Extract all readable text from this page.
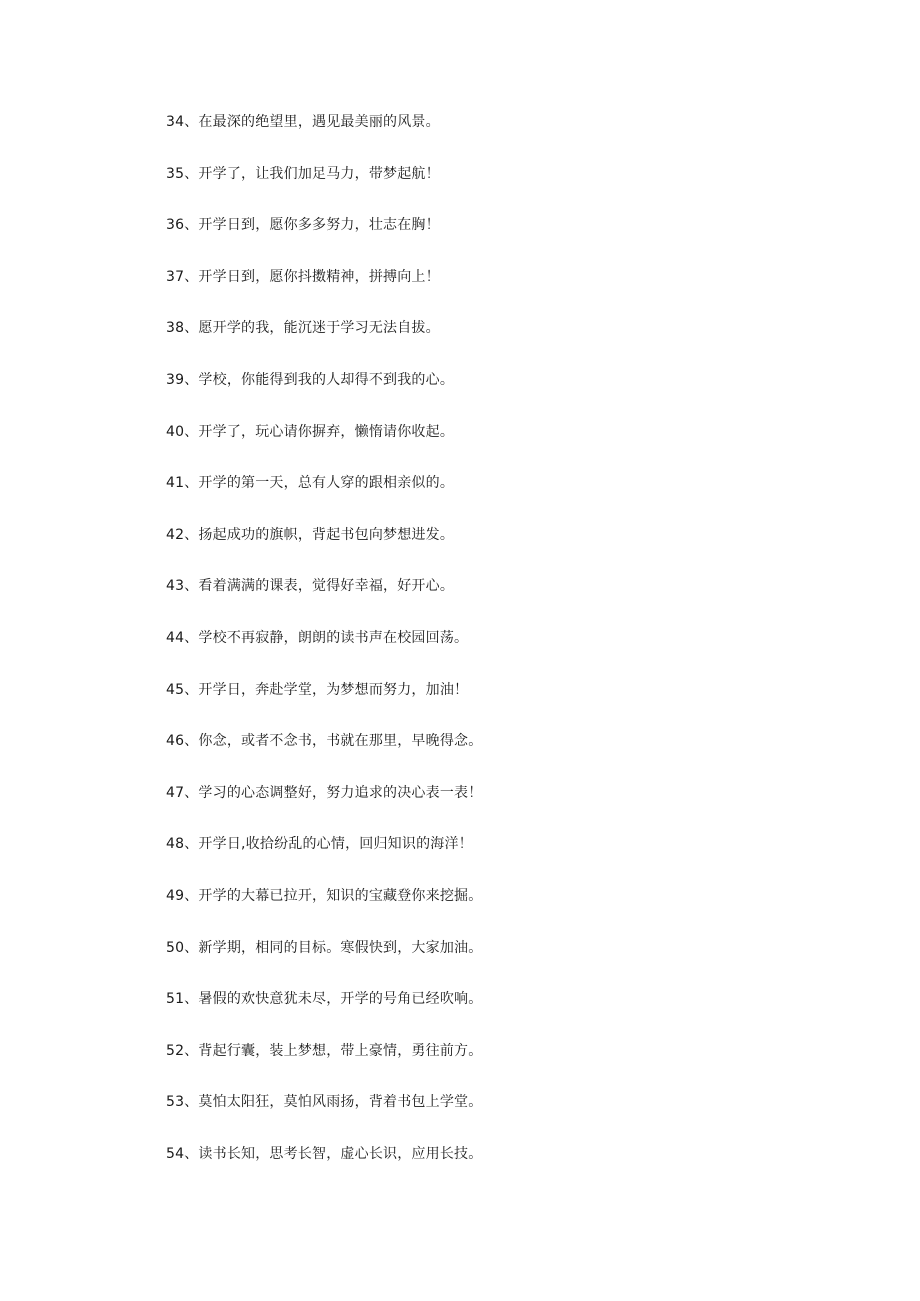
34、在最深的绝望里，遇见最美丽的风景。
35、开学了，让我们加足马力，带梦起航！
36、开学日到，愿你多多努力，壮志在胸！
37、开学日到，愿你抖擞精神，拼搏向上！
38、愿开学的我，能沉迷于学习无法自拔。
39、学校，你能得到我的人却得不到我的心。
40、开学了，玩心请你摒弃，懒惰请你收起。
41、开学的第一天，总有人穿的跟相亲似的。
42、扬起成功的旗帜，背起书包向梦想进发。
43、看着满满的课表，觉得好幸福，好开心。
44、学校不再寂静，朗朗的读书声在校园回荡。
45、开学日，奔赴学堂，为梦想而努力，加油！
46、你念，或者不念书，书就在那里，早晚得念。
47、学习的心态调整好，努力追求的决心表一表！
48、开学日,收拾纷乱的心情，回归知识的海洋！
49、开学的大幕已拉开，知识的宝藏登你来挖掘。
50、新学期，相同的目标。寒假快到，大家加油。
51、暑假的欢快意犹未尽，开学的号角已经吹响。
52、背起行囊，装上梦想，带上豪情，勇往前方。
53、莫怕太阳狂，莫怕风雨扬，背着书包上学堂。
54、读书长知，思考长智，虚心长识，应用长技。
